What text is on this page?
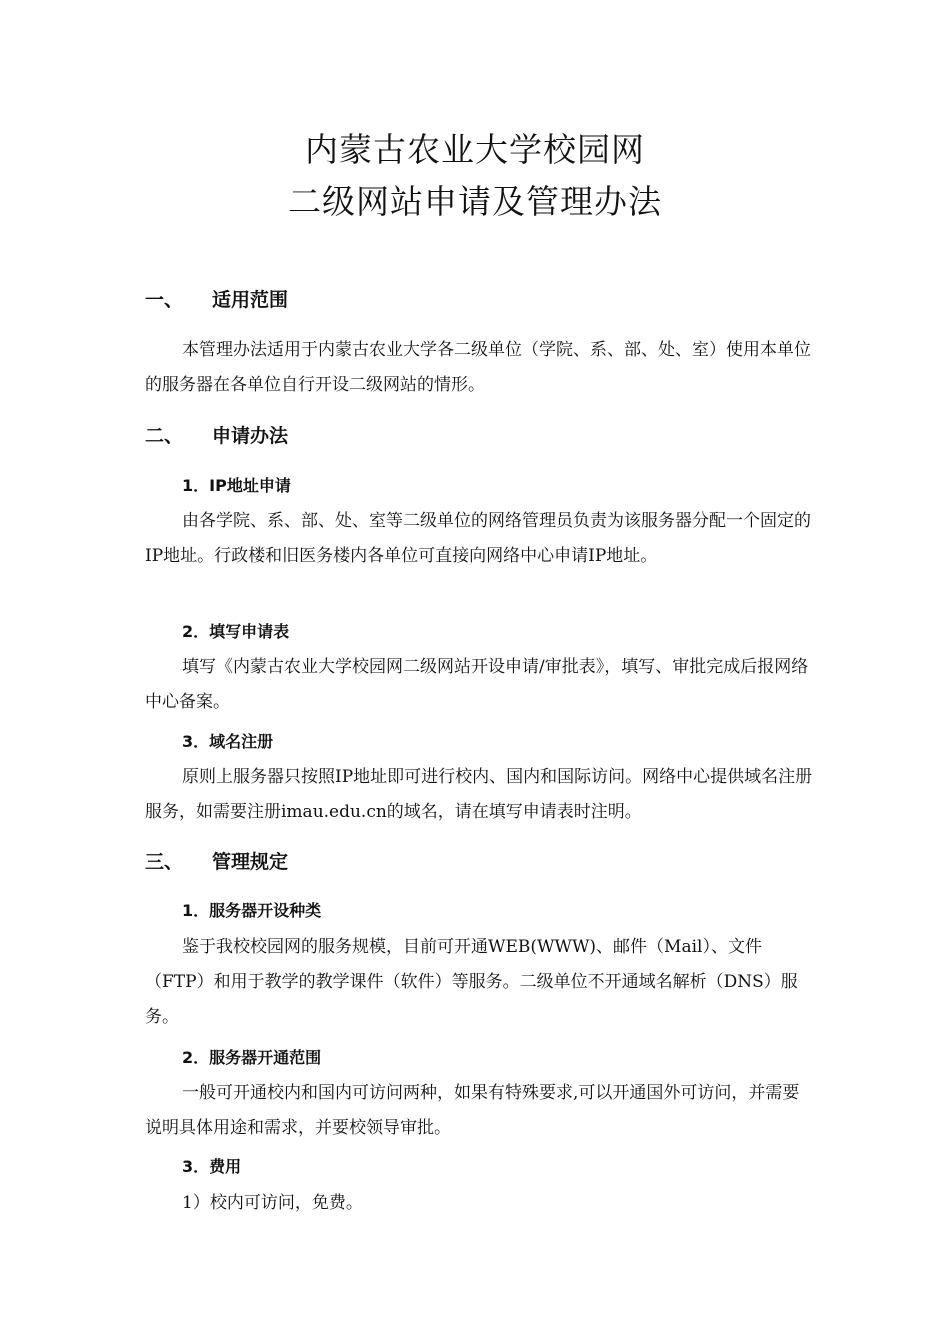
内蒙古农业大学校园网
二级网站申请及管理办法
一、 适用范围

本管理办法适用于内蒙古农业大学各二级单位（学院、系、部、处、室）使用本单位的服务器在各单位自行开设二级网站的情形。

二、 申请办法
1．IP地址申请

由各学院、系、部、处、室等二级单位的网络管理员负责为该服务器分配一个固定的IP地址。行政楼和旧医务楼内各单位可直接向网络中心申请IP地址。

2．填写申请表

填写《内蒙古农业大学校园网二级网站开设申请/审批表》，填写、审批完成后报网络中心备案。

3．域名注册

原则上服务器只按照IP地址即可进行校内、国内和国际访问。网络中心提供域名注册服务，如需要注册imau.edu.cn的域名，请在填写申请表时注明。

三、 管理规定
1．服务器开设种类

鉴于我校校园网的服务规模，目前可开通WEB(WWW)、邮件（Mail）、文件（FTP）和用于教学的教学课件（软件）等服务。二级单位不开通域名解析（DNS）服务。

2．服务器开通范围

一般可开通校内和国内可访问两种，如果有特殊要求,可以开通国外可访问，并需要说明具体用途和需求，并要校领导审批。

3．费用

1）校内可访问，免费。
